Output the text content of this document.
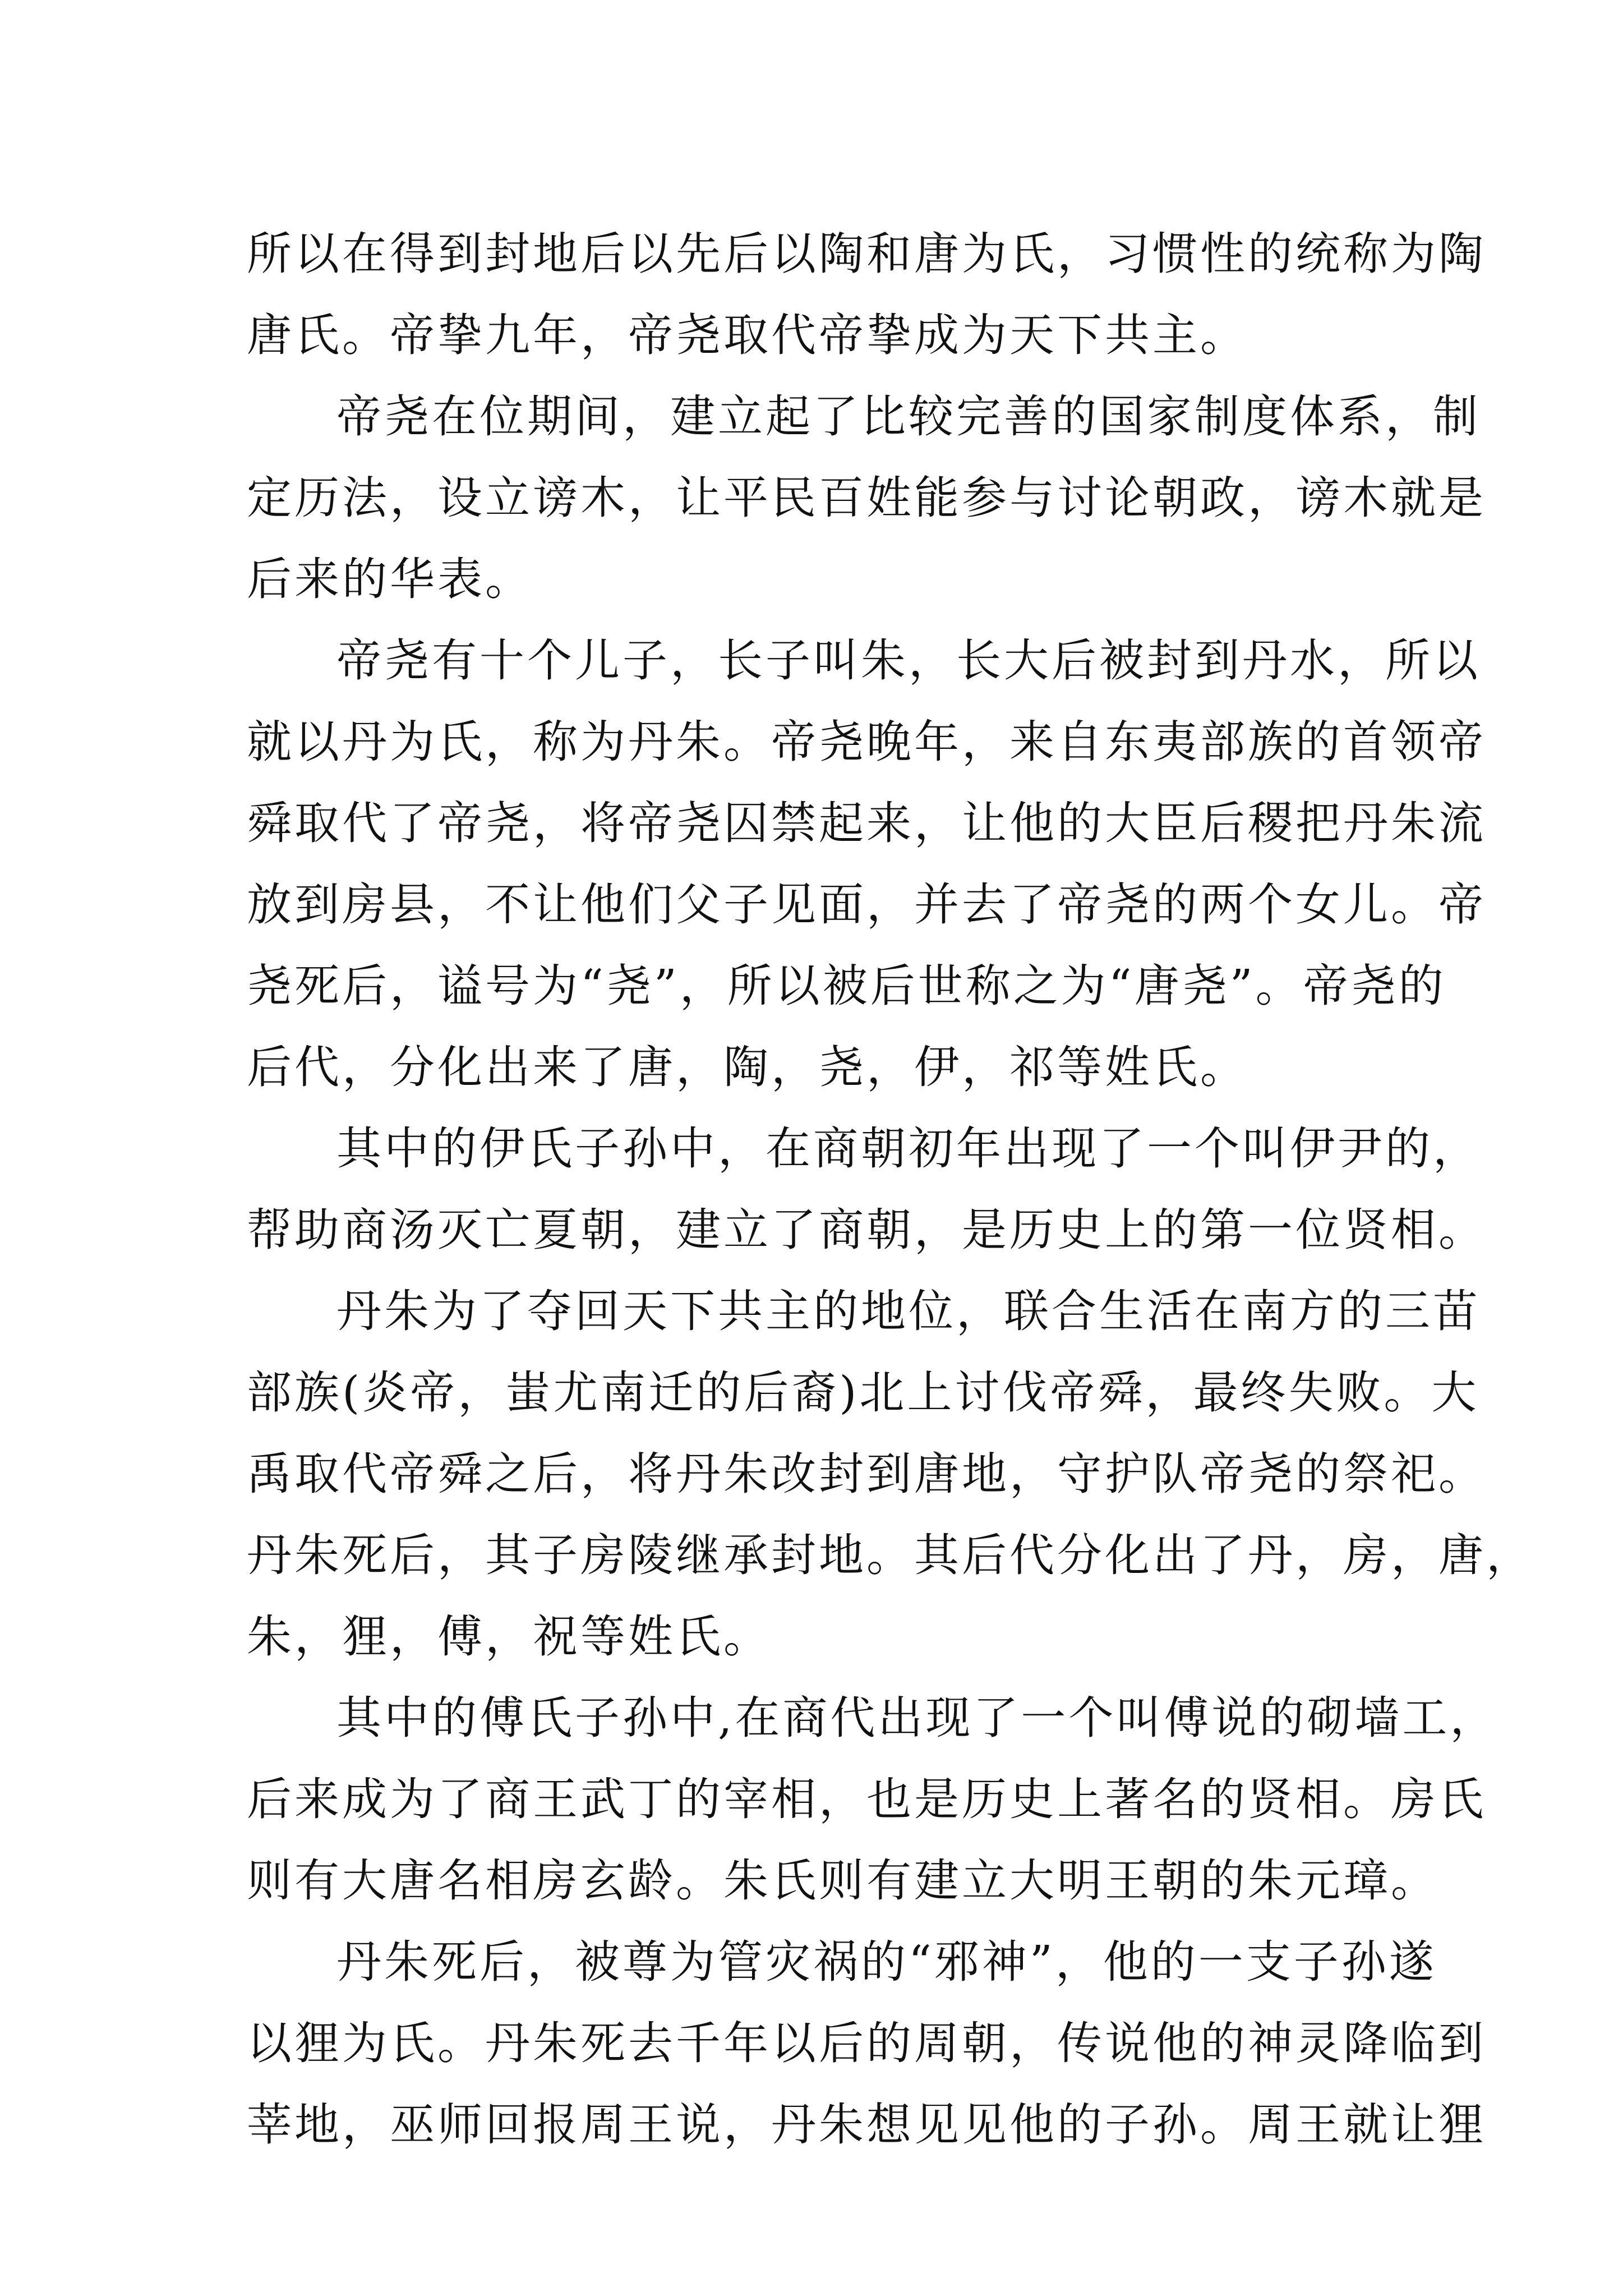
所以在得到封地后以先后以陶和唐为氏，习惯性的统称为陶
唐氏。帝挚九年，帝尧取代帝挚成为天下共主。
帝尧在位期间，建立起了比较完善的国家制度体系，制
定历法，设立谤木，让平民百姓能参与讨论朝政，谤木就是
后来的华表。
帝尧有十个儿子，长子叫朱，长大后被封到丹水，所以
就以丹为氏，称为丹朱。帝尧晚年，来自东夷部族的首领帝
舜取代了帝尧，将帝尧囚禁起来，让他的大臣后稷把丹朱流
放到房县，不让他们父子见面，并去了帝尧的两个女儿。帝
尧死后，谥号为“尧”，所以被后世称之为“唐尧”。帝尧的
后代，分化出来了唐，陶，尧，伊，祁等姓氏。
其中的伊氏子孙中，在商朝初年出现了一个叫伊尹的，
帮助商汤灭亡夏朝，建立了商朝，是历史上的第一位贤相。
丹朱为了夺回天下共主的地位，联合生活在南方的三苗
部族(炎帝，蚩尤南迁的后裔)北上讨伐帝舜，最终失败。大
禹取代帝舜之后，将丹朱改封到唐地，守护队帝尧的祭祀。
丹朱死后，其子房陵继承封地。其后代分化出了丹，房，唐，
朱，狸，傅，祝等姓氏。
其中的傅氏子孙中,在商代出现了一个叫傅说的砌墙工，
后来成为了商王武丁的宰相，也是历史上著名的贤相。房氏
则有大唐名相房玄龄。朱氏则有建立大明王朝的朱元璋。
丹朱死后，被尊为管灾祸的“邪神”，他的一支子孙遂
以狸为氏。丹朱死去千年以后的周朝，传说他的神灵降临到
莘地，巫师回报周王说，丹朱想见见他的子孙。周王就让狸
